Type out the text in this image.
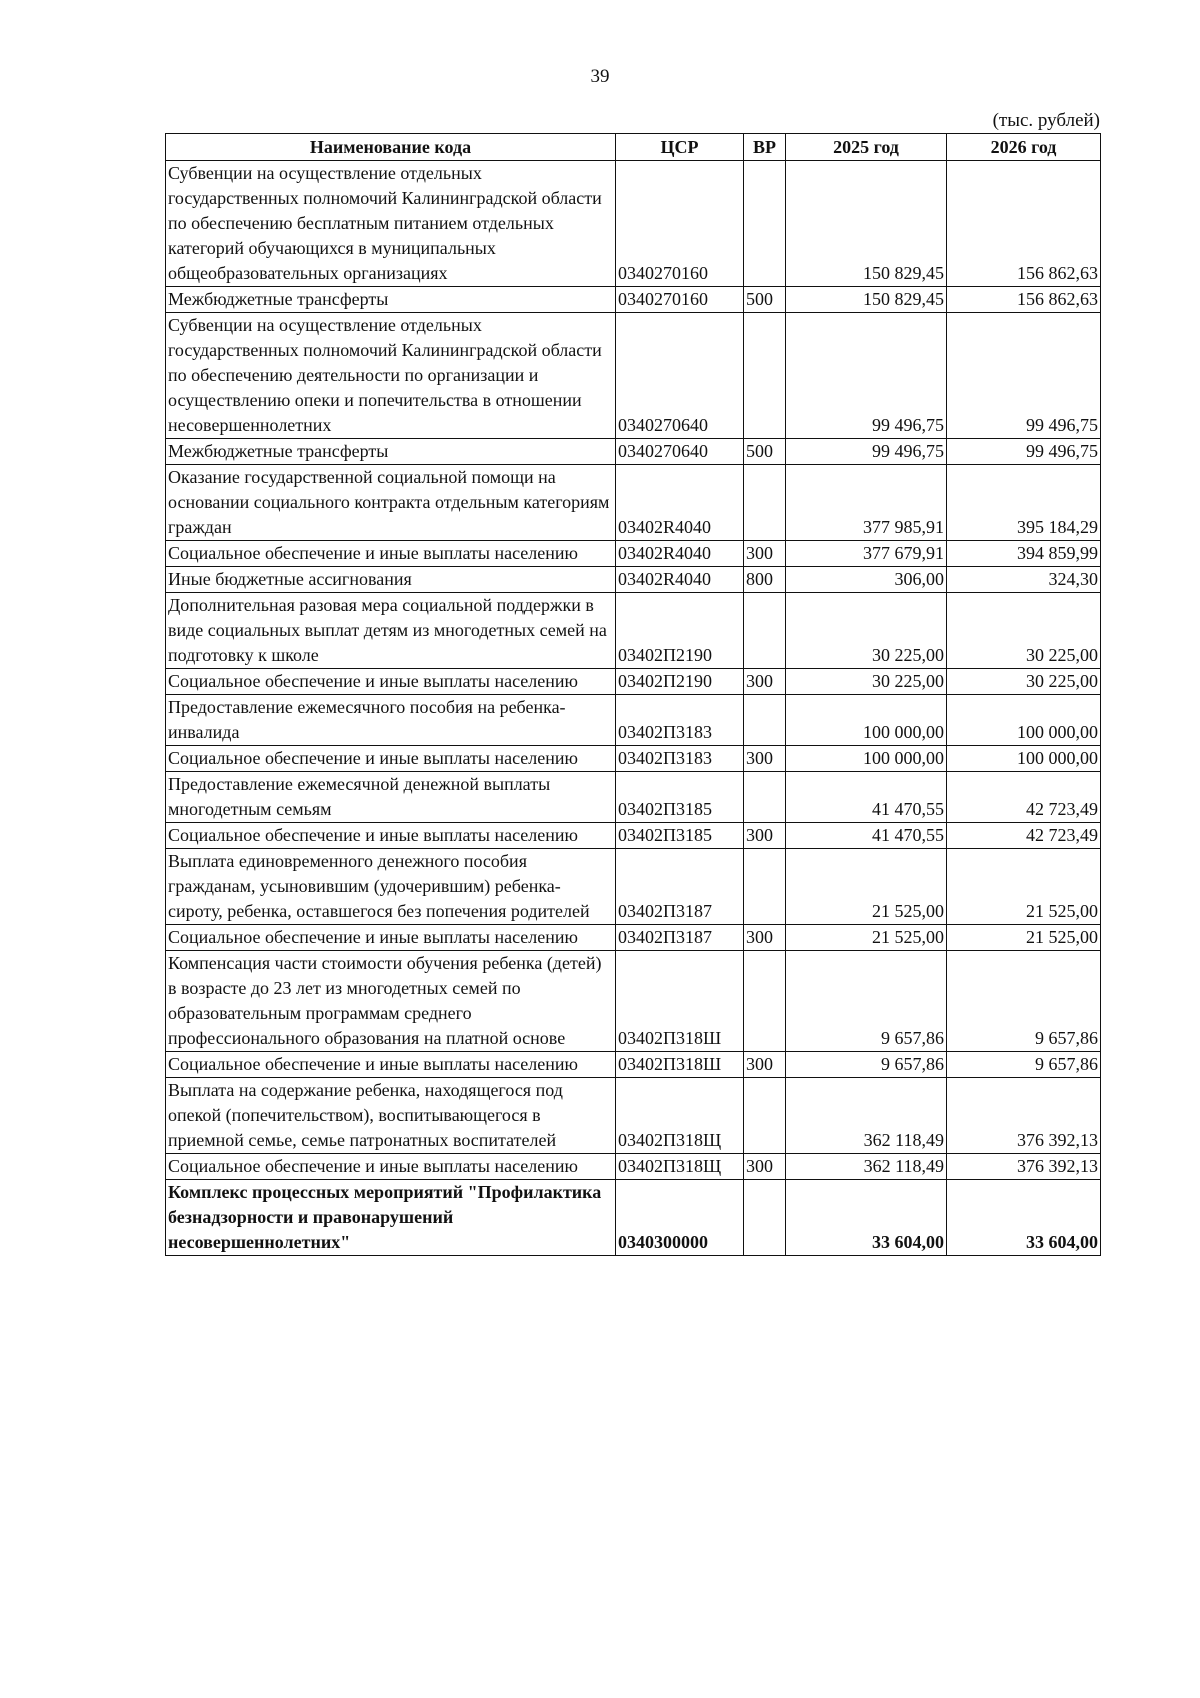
39
(тыс. рублей)
Наименование кода	ЦСР	ВР	2025 год	2026 год
Субвенции на осуществление отдельных государственных полномочий Калининградской области по обеспечению бесплатным питанием отдельных категорий обучающихся в муниципальных общеобразовательных организациях	0340270160		150 829,45	156 862,63
Межбюджетные трансферты	0340270160	500	150 829,45	156 862,63
Субвенции на осуществление отдельных государственных полномочий Калининградской области по обеспечению деятельности по организации и осуществлению опеки и попечительства в отношении несовершеннолетних	0340270640		99 496,75	99 496,75
Межбюджетные трансферты	0340270640	500	99 496,75	99 496,75
Оказание государственной социальной помощи на основании социального контракта отдельным категориям граждан	03402R4040		377 985,91	395 184,29
Социальное обеспечение и иные выплаты населению	03402R4040	300	377 679,91	394 859,99
Иные бюджетные ассигнования	03402R4040	800	306,00	324,30
Дополнительная разовая мера социальной поддержки в виде социальных выплат детям из многодетных семей на подготовку к школе	03402П2190		30 225,00	30 225,00
Социальное обеспечение и иные выплаты населению	03402П2190	300	30 225,00	30 225,00
Предоставление ежемесячного пособия на ребенка-инвалида	03402П3183		100 000,00	100 000,00
Социальное обеспечение и иные выплаты населению	03402П3183	300	100 000,00	100 000,00
Предоставление ежемесячной денежной выплаты многодетным семьям	03402П3185		41 470,55	42 723,49
Социальное обеспечение и иные выплаты населению	03402П3185	300	41 470,55	42 723,49
Выплата единовременного денежного пособия гражданам, усыновившим (удочерившим) ребенка-сироту, ребенка, оставшегося без попечения родителей	03402П3187		21 525,00	21 525,00
Социальное обеспечение и иные выплаты населению	03402П3187	300	21 525,00	21 525,00
Компенсация части стоимости обучения ребенка (детей) в возрасте до 23 лет из многодетных семей по образовательным программам среднего профессионального образования на платной основе	03402П318Ш		9 657,86	9 657,86
Социальное обеспечение и иные выплаты населению	03402П318Ш	300	9 657,86	9 657,86
Выплата на содержание ребенка, находящегося под опекой (попечительством), воспитывающегося в приемной семье, семье патронатных воспитателей	03402П318Щ		362 118,49	376 392,13
Социальное обеспечение и иные выплаты населению	03402П318Щ	300	362 118,49	376 392,13
Комплекс процессных мероприятий "Профилактика безнадзорности и правонарушений несовершеннолетних"	0340300000		33 604,00	33 604,00
